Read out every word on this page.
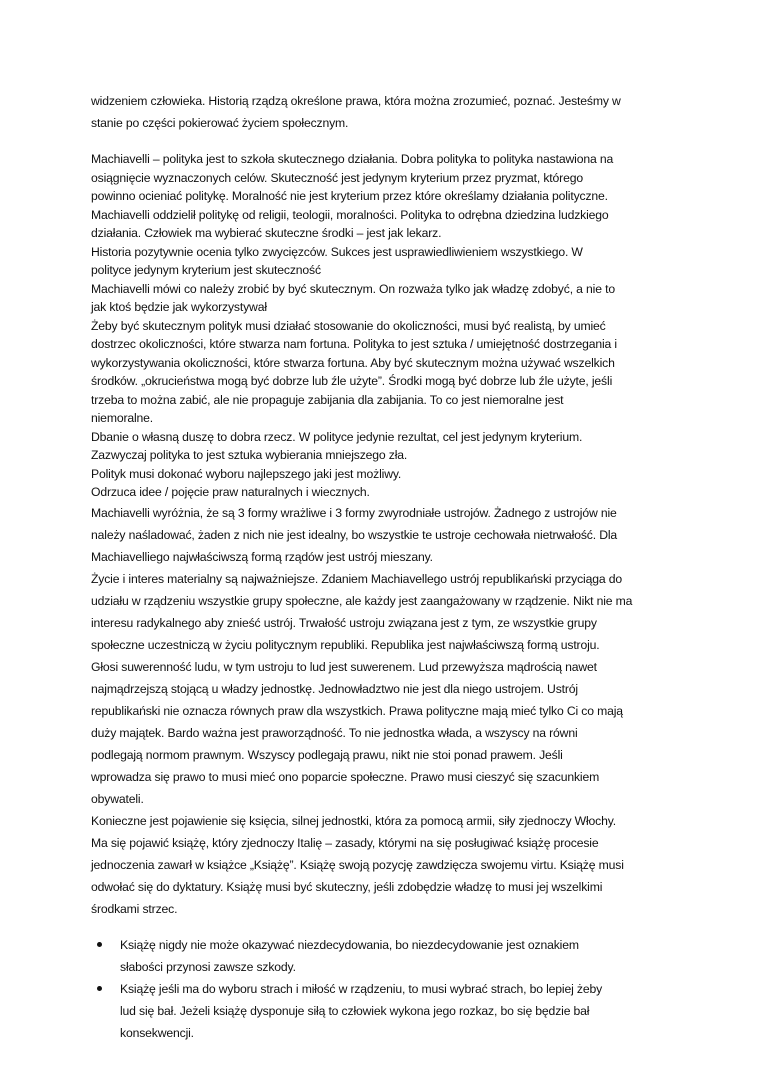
widzeniem człowieka. Historią rządzą określone prawa, która można zrozumieć, poznać. Jesteśmy w
stanie po części pokierować życiem społecznym.
Machiavelli – polityka jest to szkoła skutecznego działania. Dobra polityka to polityka nastawiona na
osiągnięcie wyznaczonych celów. Skuteczność jest jedynym kryterium przez pryzmat, którego
powinno ocieniać politykę. Moralność nie jest kryterium przez które określamy działania polityczne.
Machiavelli oddzielił politykę od religii, teologii, moralności. Polityka to odrębna dziedzina ludzkiego
działania. Człowiek ma wybierać skuteczne środki – jest jak lekarz.
Historia pozytywnie ocenia tylko zwycięzców. Sukces jest usprawiedliwieniem wszystkiego. W
polityce jedynym kryterium jest skuteczność
Machiavelli mówi co należy zrobić by być skutecznym. On rozważa tylko jak władzę zdobyć, a nie to
jak ktoś będzie jak wykorzystywał
Żeby być skutecznym polityk musi działać stosowanie do okoliczności, musi być realistą, by umieć
dostrzec okoliczności, które stwarza nam fortuna. Polityka to jest sztuka / umiejętność dostrzegania i
wykorzystywania okoliczności, które stwarza fortuna. Aby być skutecznym można używać wszelkich
środków. „okrucieństwa mogą być dobrze lub źle użyte”. Środki mogą być dobrze lub źle użyte, jeśli
trzeba to można zabić, ale nie propaguje zabijania dla zabijania. To co jest niemoralne jest
niemoralne.
Dbanie o własną duszę to dobra rzecz. W polityce jedynie rezultat, cel jest jedynym kryterium.
Zazwyczaj polityka to jest sztuka wybierania mniejszego zła.
Polityk musi dokonać wyboru najlepszego jaki jest możliwy.
Odrzuca idee / pojęcie praw naturalnych i wiecznych.
Machiavelli wyróżnia, że są 3 formy wrażliwe i 3 formy zwyrodniałe ustrojów. Żadnego z ustrojów nie
należy naśladować, żaden z nich nie jest idealny, bo wszystkie te ustroje cechowała nietrwałość. Dla
Machiavelliego najwłaściwszą formą rządów jest ustrój mieszany.
Życie i interes materialny są najważniejsze. Zdaniem Machiavellego ustrój republikański przyciąga do
udziału w rządzeniu wszystkie grupy społeczne, ale każdy jest zaangażowany w rządzenie. Nikt nie ma
interesu radykalnego aby znieść ustrój. Trwałość ustroju związana jest z tym, ze wszystkie grupy
społeczne uczestniczą w życiu politycznym republiki. Republika jest najwłaściwszą formą ustroju.
Głosi suwerenność ludu, w tym ustroju to lud jest suwerenem. Lud przewyższa mądrością nawet
najmądrzejszą stojącą u władzy jednostkę. Jednowładztwo nie jest dla niego ustrojem. Ustrój
republikański nie oznacza równych praw dla wszystkich. Prawa polityczne mają mieć tylko Ci co mają
duży majątek. Bardo ważna jest praworządność. To nie jednostka włada, a wszyscy na równi
podlegają normom prawnym. Wszyscy podlegają prawu, nikt nie stoi ponad prawem. Jeśli
wprowadza się prawo to musi mieć ono poparcie społeczne. Prawo musi cieszyć się szacunkiem
obywateli.
Konieczne jest pojawienie się księcia, silnej jednostki, która za pomocą armii, siły zjednoczy Włochy.
Ma się pojawić książę, który zjednoczy Italię – zasady, którymi na się posługiwać książę procesie
jednoczenia zawarł w książce „Książę”. Książę swoją pozycję zawdzięcza swojemu virtu. Książę musi
odwołać się do dyktatury. Książę musi być skuteczny, jeśli zdobędzie władzę to musi jej wszelkimi
środkami strzec.
Książę nigdy nie może okazywać niezdecydowania, bo niezdecydowanie jest oznakiem
słabości przynosi zawsze szkody.
Książę jeśli ma do wyboru strach i miłość w rządzeniu, to musi wybrać strach, bo lepiej żeby
lud się bał. Jeżeli książę dysponuje siłą to człowiek wykona jego rozkaz, bo się będzie bał
konsekwencji.
